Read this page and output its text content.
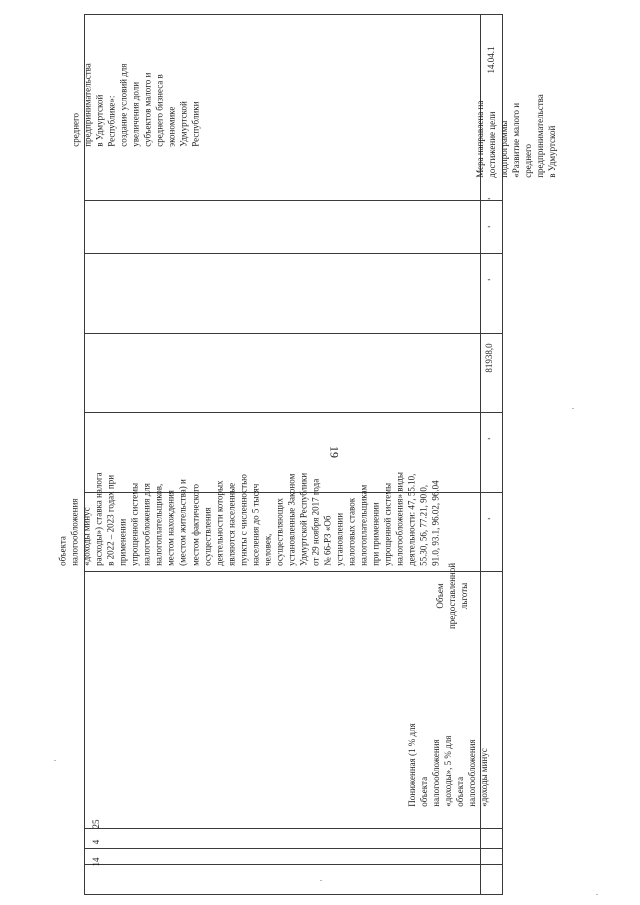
19
объекта
налогообложения
«доходы минус
расходы») ставка налога
в 2022 – 2023 годах при
применении
упрощенной системы
налогообложения для
налогоплательщиков,
местом нахождения
(местом жительства) и
местом фактического
осуществления
деятельности которых
являются населенные
пункты с численностью
населения до 5 тысяч
человек,
осуществляющих
установленные Законом
Удмуртской Республики
от 29 ноября 2017 года
№ 66-РЗ «Об
установлении
налоговых ставок
налогоплательщикам
при применении
упрощенной системы
налогообложения» виды
деятельности: 47, 55.10,
55.30, 56, 77.21, 90.0,
91.0, 93.1, 96.02, 96.04
среднего
предпринимательства
в Удмуртской
Республике»:
создание условий для
увеличения доли
субъектов малого и
среднего бизнеса в
экономике
Удмуртской
Республики
14
4
25
Пониженная (1 % для
объекта
налогообложения
«доходы», 5 % для
объекта
налогообложения
«доходы минус
Объем
предоставленной
льготы
-
-
81938,0
-
-
-
Мера направлена на
достижение цели
подпрограммы
«Развитие малого и
среднего
предпринимательства
в Удмуртской
14.04.1
